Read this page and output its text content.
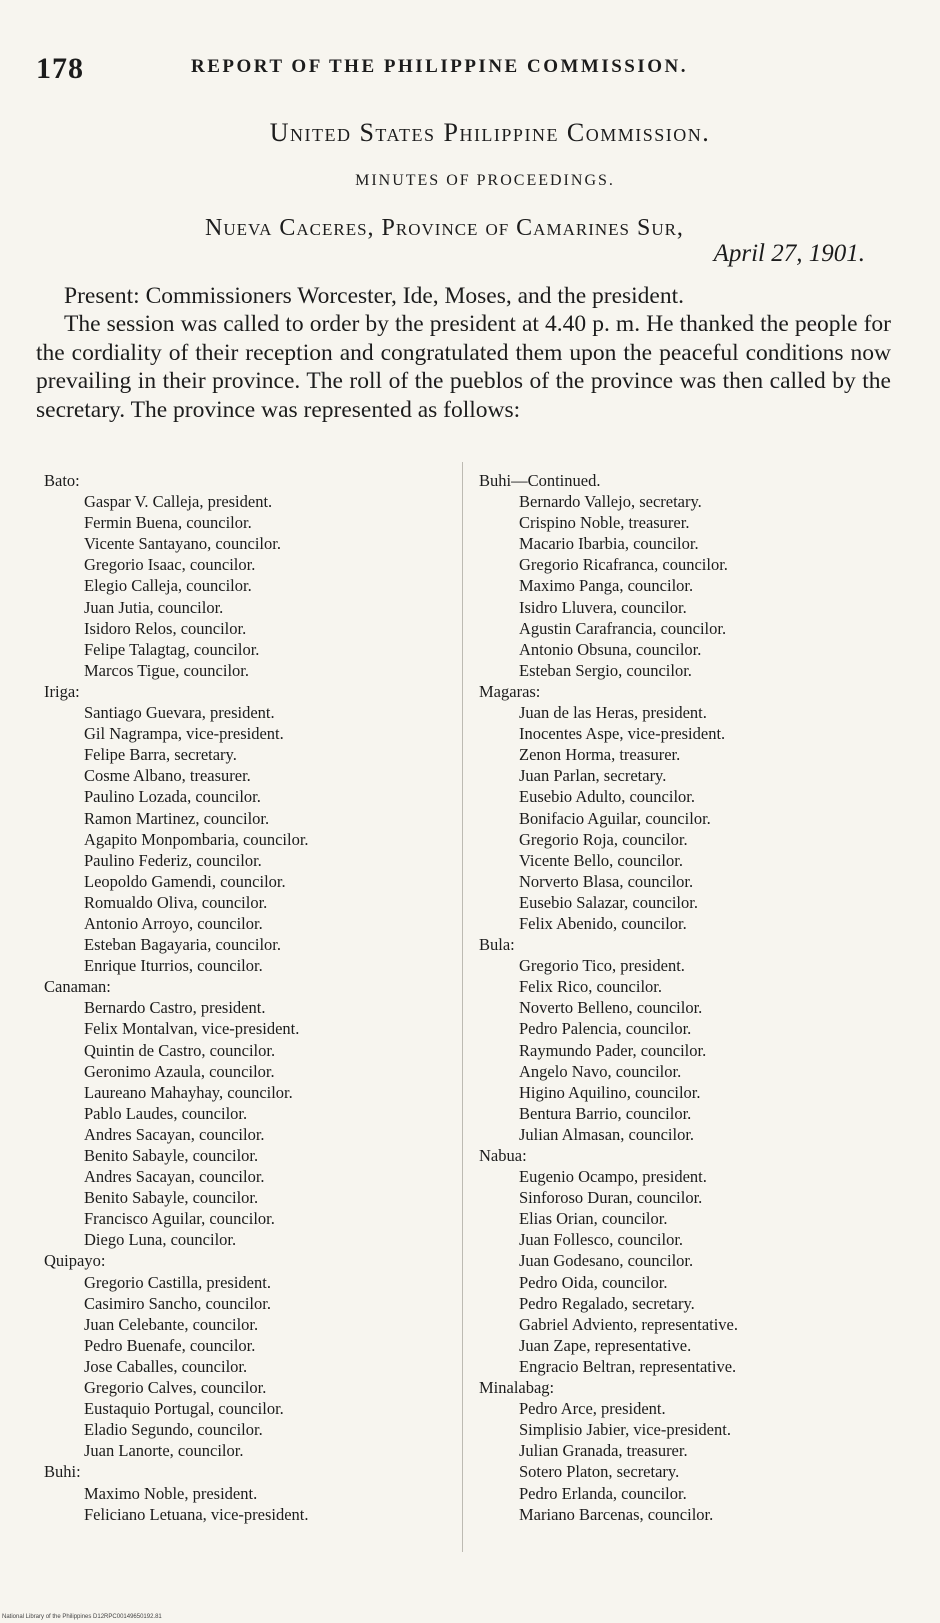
178	REPORT OF THE PHILIPPINE COMMISSION.
United States Philippine Commission.
MINUTES OF PROCEEDINGS.
Nueva Caceres, Province of Camarines Sur,
April 27, 1901.
Present: Commissioners Worcester, Ide, Moses, and the president.
The session was called to order by the president at 4.40 p. m. He thanked the people for the cordiality of their reception and congratulated them upon the peaceful conditions now prevailing in their province. The roll of the pueblos of the province was then called by the secretary. The province was represented as follows:
Bato:
Gaspar V. Calleja, president.
Fermin Buena, councilor.
Vicente Santayano, councilor.
Gregorio Isaac, councilor.
Elegio Calleja, councilor.
Juan Jutia, councilor.
Isidoro Relos, councilor.
Felipe Talagtag, councilor.
Marcos Tigue, councilor.
Iriga:
Santiago Guevara, president.
Gil Nagrampa, vice-president.
Felipe Barra, secretary.
Cosme Albano, treasurer.
Paulino Lozada, councilor.
Ramon Martinez, councilor.
Agapito Monpombaria, councilor.
Paulino Federiz, councilor.
Leopoldo Gamendi, councilor.
Romualdo Oliva, councilor.
Antonio Arroyo, councilor.
Esteban Bagayaria, councilor.
Enrique Iturrios, councilor.
Canaman:
Bernardo Castro, president.
Felix Montalvan, vice-president.
Quintin de Castro, councilor.
Geronimo Azaula, councilor.
Laureano Mahayhay, councilor.
Pablo Laudes, councilor.
Andres Sacayan, councilor.
Benito Sabayle, councilor.
Andres Sacayan, councilor.
Benito Sabayle, councilor.
Francisco Aguilar, councilor.
Diego Luna, councilor.
Quipayo:
Gregorio Castilla, president.
Casimiro Sancho, councilor.
Juan Celebante, councilor.
Pedro Buenafe, councilor.
Jose Caballes, councilor.
Gregorio Calves, councilor.
Eustaquio Portugal, councilor.
Eladio Segundo, councilor.
Juan Lanorte, councilor.
Buhi:
Maximo Noble, president.
Feliciano Letuana, vice-president.
Buhi—Continued.
Bernardo Vallejo, secretary.
Crispino Noble, treasurer.
Macario Ibarbia, councilor.
Gregorio Ricafranca, councilor.
Maximo Panga, councilor.
Isidro Lluvera, councilor.
Agustin Carafrancia, councilor.
Antonio Obsuna, councilor.
Esteban Sergio, councilor.
Magaras:
Juan de las Heras, president.
Inocentes Aspe, vice-president.
Zenon Horma, treasurer.
Juan Parlan, secretary.
Eusebio Adulto, councilor.
Bonifacio Aguilar, councilor.
Gregorio Roja, councilor.
Vicente Bello, councilor.
Norverto Blasa, councilor.
Eusebio Salazar, councilor.
Felix Abenido, councilor.
Bula:
Gregorio Tico, president.
Felix Rico, councilor.
Noverto Belleno, councilor.
Pedro Palencia, councilor.
Raymundo Pader, councilor.
Angelo Navo, councilor.
Higino Aquilino, councilor.
Bentura Barrio, councilor.
Julian Almasan, councilor.
Nabua:
Eugenio Ocampo, president.
Sinforoso Duran, councilor.
Elias Orian, councilor.
Juan Follesco, councilor.
Juan Godesano, councilor.
Pedro Oida, councilor.
Pedro Regalado, secretary.
Gabriel Adviento, representative.
Juan Zape, representative.
Engracio Beltran, representative.
Minalabag:
Pedro Arce, president.
Simplisio Jabier, vice-president.
Julian Granada, treasurer.
Sotero Platon, secretary.
Pedro Erlanda, councilor.
Mariano Barcenas, councilor.
National Library of the Philippines D12RPC00149650192.81
